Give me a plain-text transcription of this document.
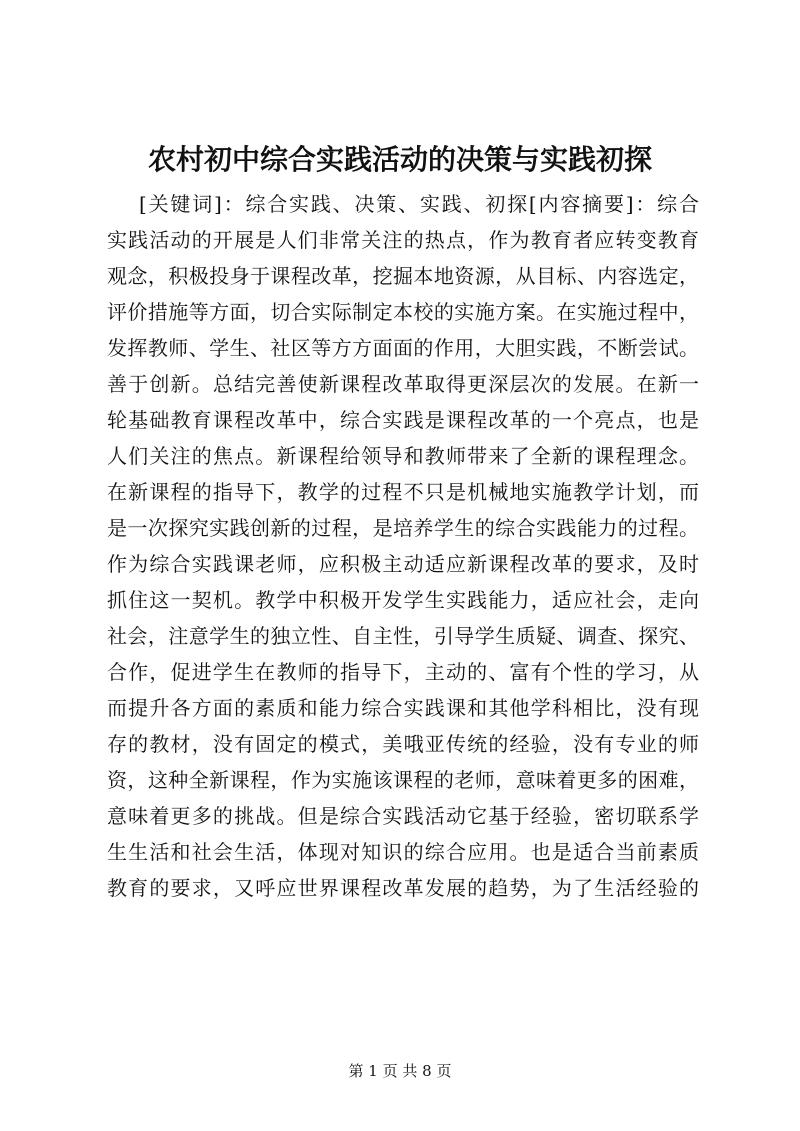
农村初中综合实践活动的决策与实践初探
[关键词]：综合实践、决策、实践、初探[内容摘要]：综合
实践活动的开展是人们非常关注的热点，作为教育者应转变教育
观念，积极投身于课程改革，挖掘本地资源，从目标、内容选定，
评价措施等方面，切合实际制定本校的实施方案。在实施过程中，
发挥教师、学生、社区等方方面面的作用，大胆实践，不断尝试。
善于创新。总结完善使新课程改革取得更深层次的发展。在新一
轮基础教育课程改革中，综合实践是课程改革的一个亮点，也是
人们关注的焦点。新课程给领导和教师带来了全新的课程理念。
在新课程的指导下，教学的过程不只是机械地实施教学计划，而
是一次探究实践创新的过程，是培养学生的综合实践能力的过程。
作为综合实践课老师，应积极主动适应新课程改革的要求，及时
抓住这一契机。教学中积极开发学生实践能力，适应社会，走向
社会，注意学生的独立性、自主性，引导学生质疑、调查、探究、
合作，促进学生在教师的指导下，主动的、富有个性的学习，从
而提升各方面的素质和能力综合实践课和其他学科相比，没有现
存的教材，没有固定的模式，美哦亚传统的经验，没有专业的师
资，这种全新课程，作为实施该课程的老师，意味着更多的困难，
意味着更多的挑战。但是综合实践活动它基于经验，密切联系学
生生活和社会生活，体现对知识的综合应用。也是适合当前素质
教育的要求，又呼应世界课程改革发展的趋势，为了生活经验的
第 1 页 共 8 页
